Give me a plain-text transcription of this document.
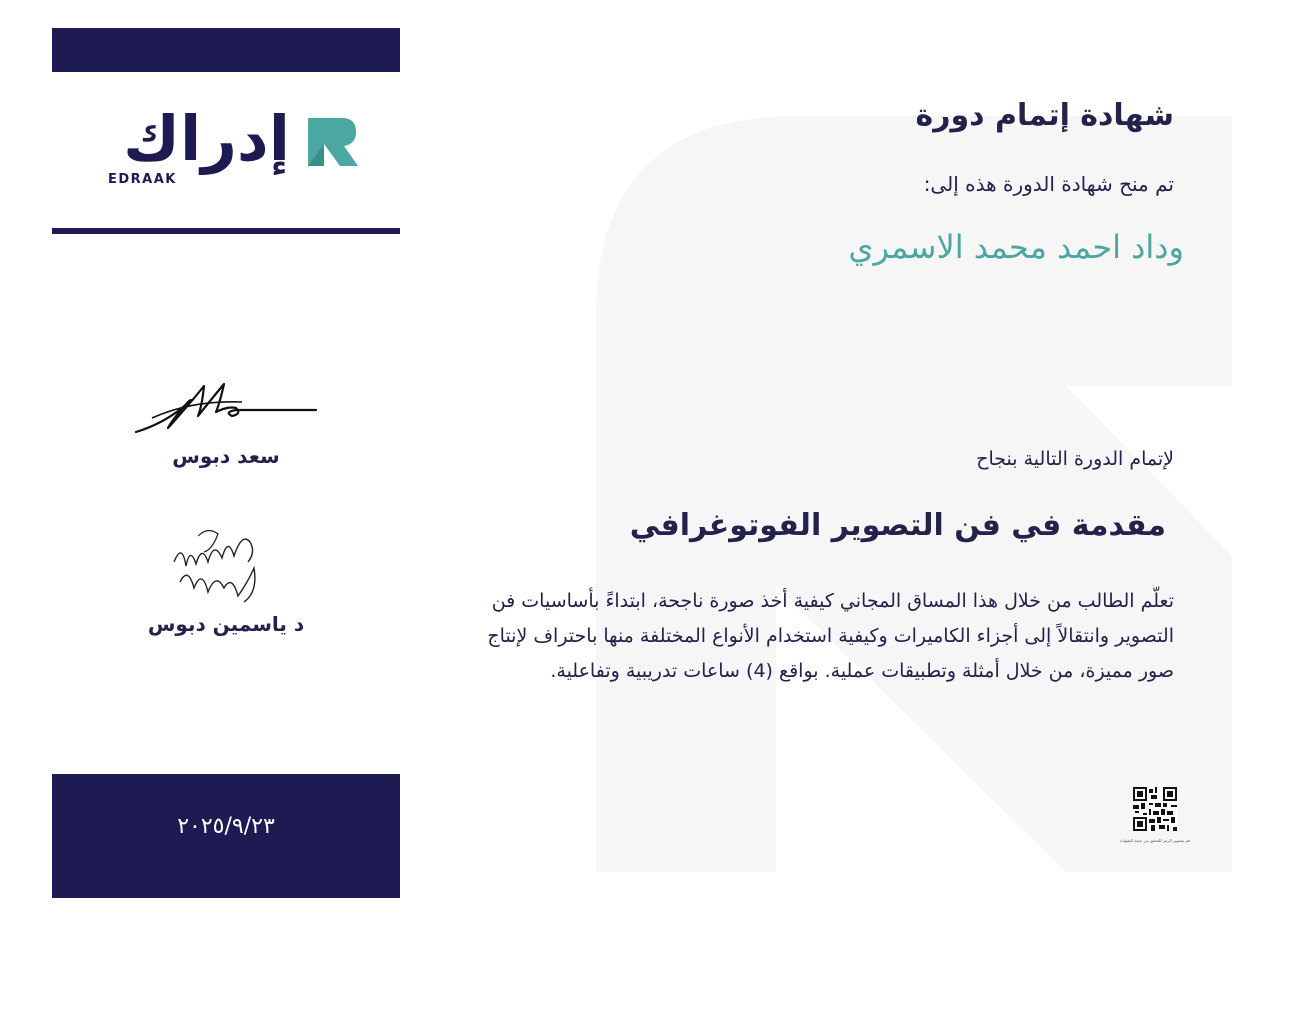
إدراك
EDRAAK
سعد دبوس
د ياسمين دبوس
٢٠٢٥/٩/٢٣
شهادة إتمام دورة
تم منح شهادة الدورة هذه إلى:
وداد احمد محمد الاسمري
لإتمام الدورة التالية بنجاح
مقدمة في فن التصوير الفوتوغرافي
تعلّم الطالب من خلال هذا المساق المجاني كيفية أخذ صورة ناجحة، ابتداءً بأساسيات فن التصوير وانتقالاً إلى أجزاء الكاميرات وكيفية استخدام الأنواع المختلفة منها باحتراف لإنتاج صور مميزة، من خلال أمثلة وتطبيقات عملية. بواقع (4) ساعات تدريبية وتفاعلية.
قم بتصوير الرمز للتحقق من صحة الشهادة
